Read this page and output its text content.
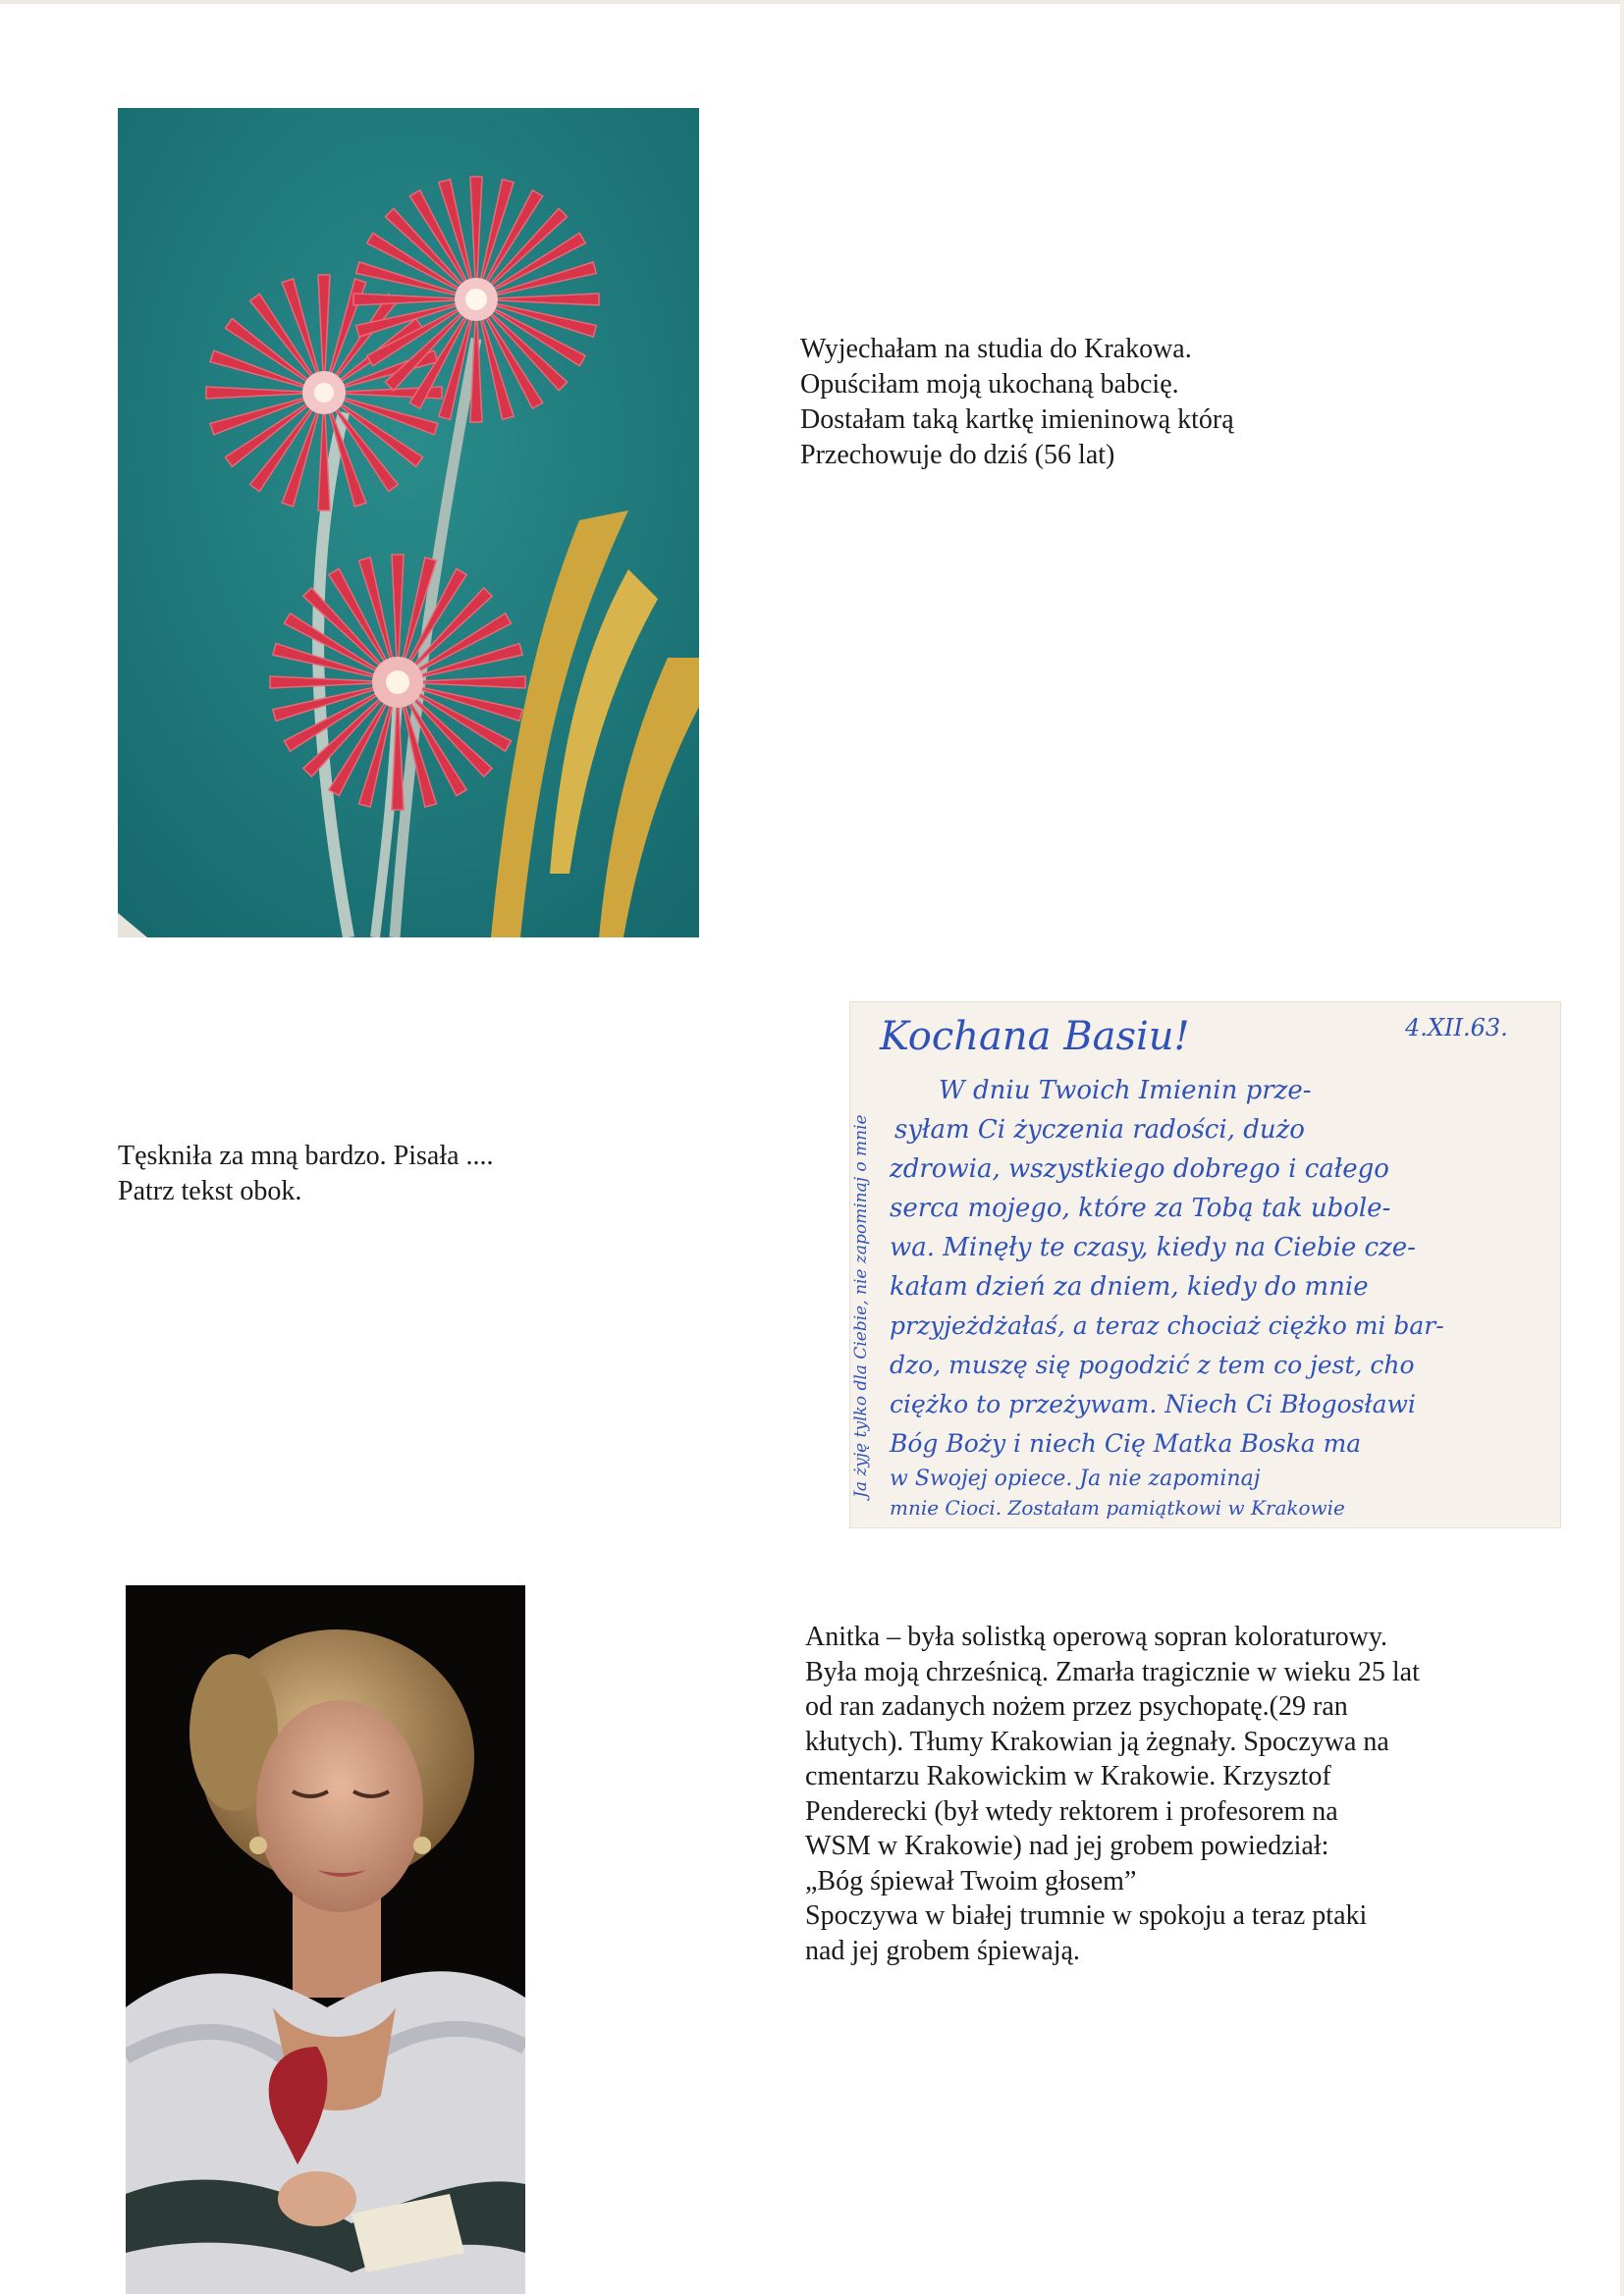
Wyjechałam na studia do Krakowa.
Opuściłam moją ukochaną babcię.
Dostałam taką kartkę imieninową którą
Przechowuje do dziś (56 lat)
Tęskniła za mną bardzo. Pisała ....
Patrz tekst obok.
Kochana Basiu!	4.XII.63.
W dniu Twoich Imienin prze-
syłam Ci życzenia radości, dużo
zdrowia, wszystkiego dobrego i całego
serca mojego, które za Tobą tak ubole-
wa. Minęły te czasy, kiedy na Ciebie cze-
kałam dzień za dniem, kiedy do mnie
przyjeżdżałaś, a teraz chociaż ciężko mi bar-
dzo, muszę się pogodzić z tem co jest, cho
ciężko to przeżywam. Niech Ci Błogosławi
Bóg Boży i niech Cię Matka Boska ma
w Swojej opiece. Ja nie zapominaj
mnie Cioci. Zostałam pamiątkowi w Krakowie
Ja żyję tylko dla Ciebie, nie zapominaj o mnie
Anitka – była solistką operową sopran koloraturowy.
Była moją chrześnicą. Zmarła tragicznie w wieku 25 lat
od ran zadanych nożem przez psychopatę.(29 ran
kłutych). Tłumy Krakowian ją żegnały. Spoczywa na
cmentarzu Rakowickim w Krakowie. Krzysztof
Penderecki (był wtedy rektorem i profesorem na
WSM w Krakowie) nad jej grobem powiedział:
„Bóg śpiewał Twoim głosem”
Spoczywa w białej trumnie w spokoju a teraz ptaki
nad jej grobem śpiewają.
